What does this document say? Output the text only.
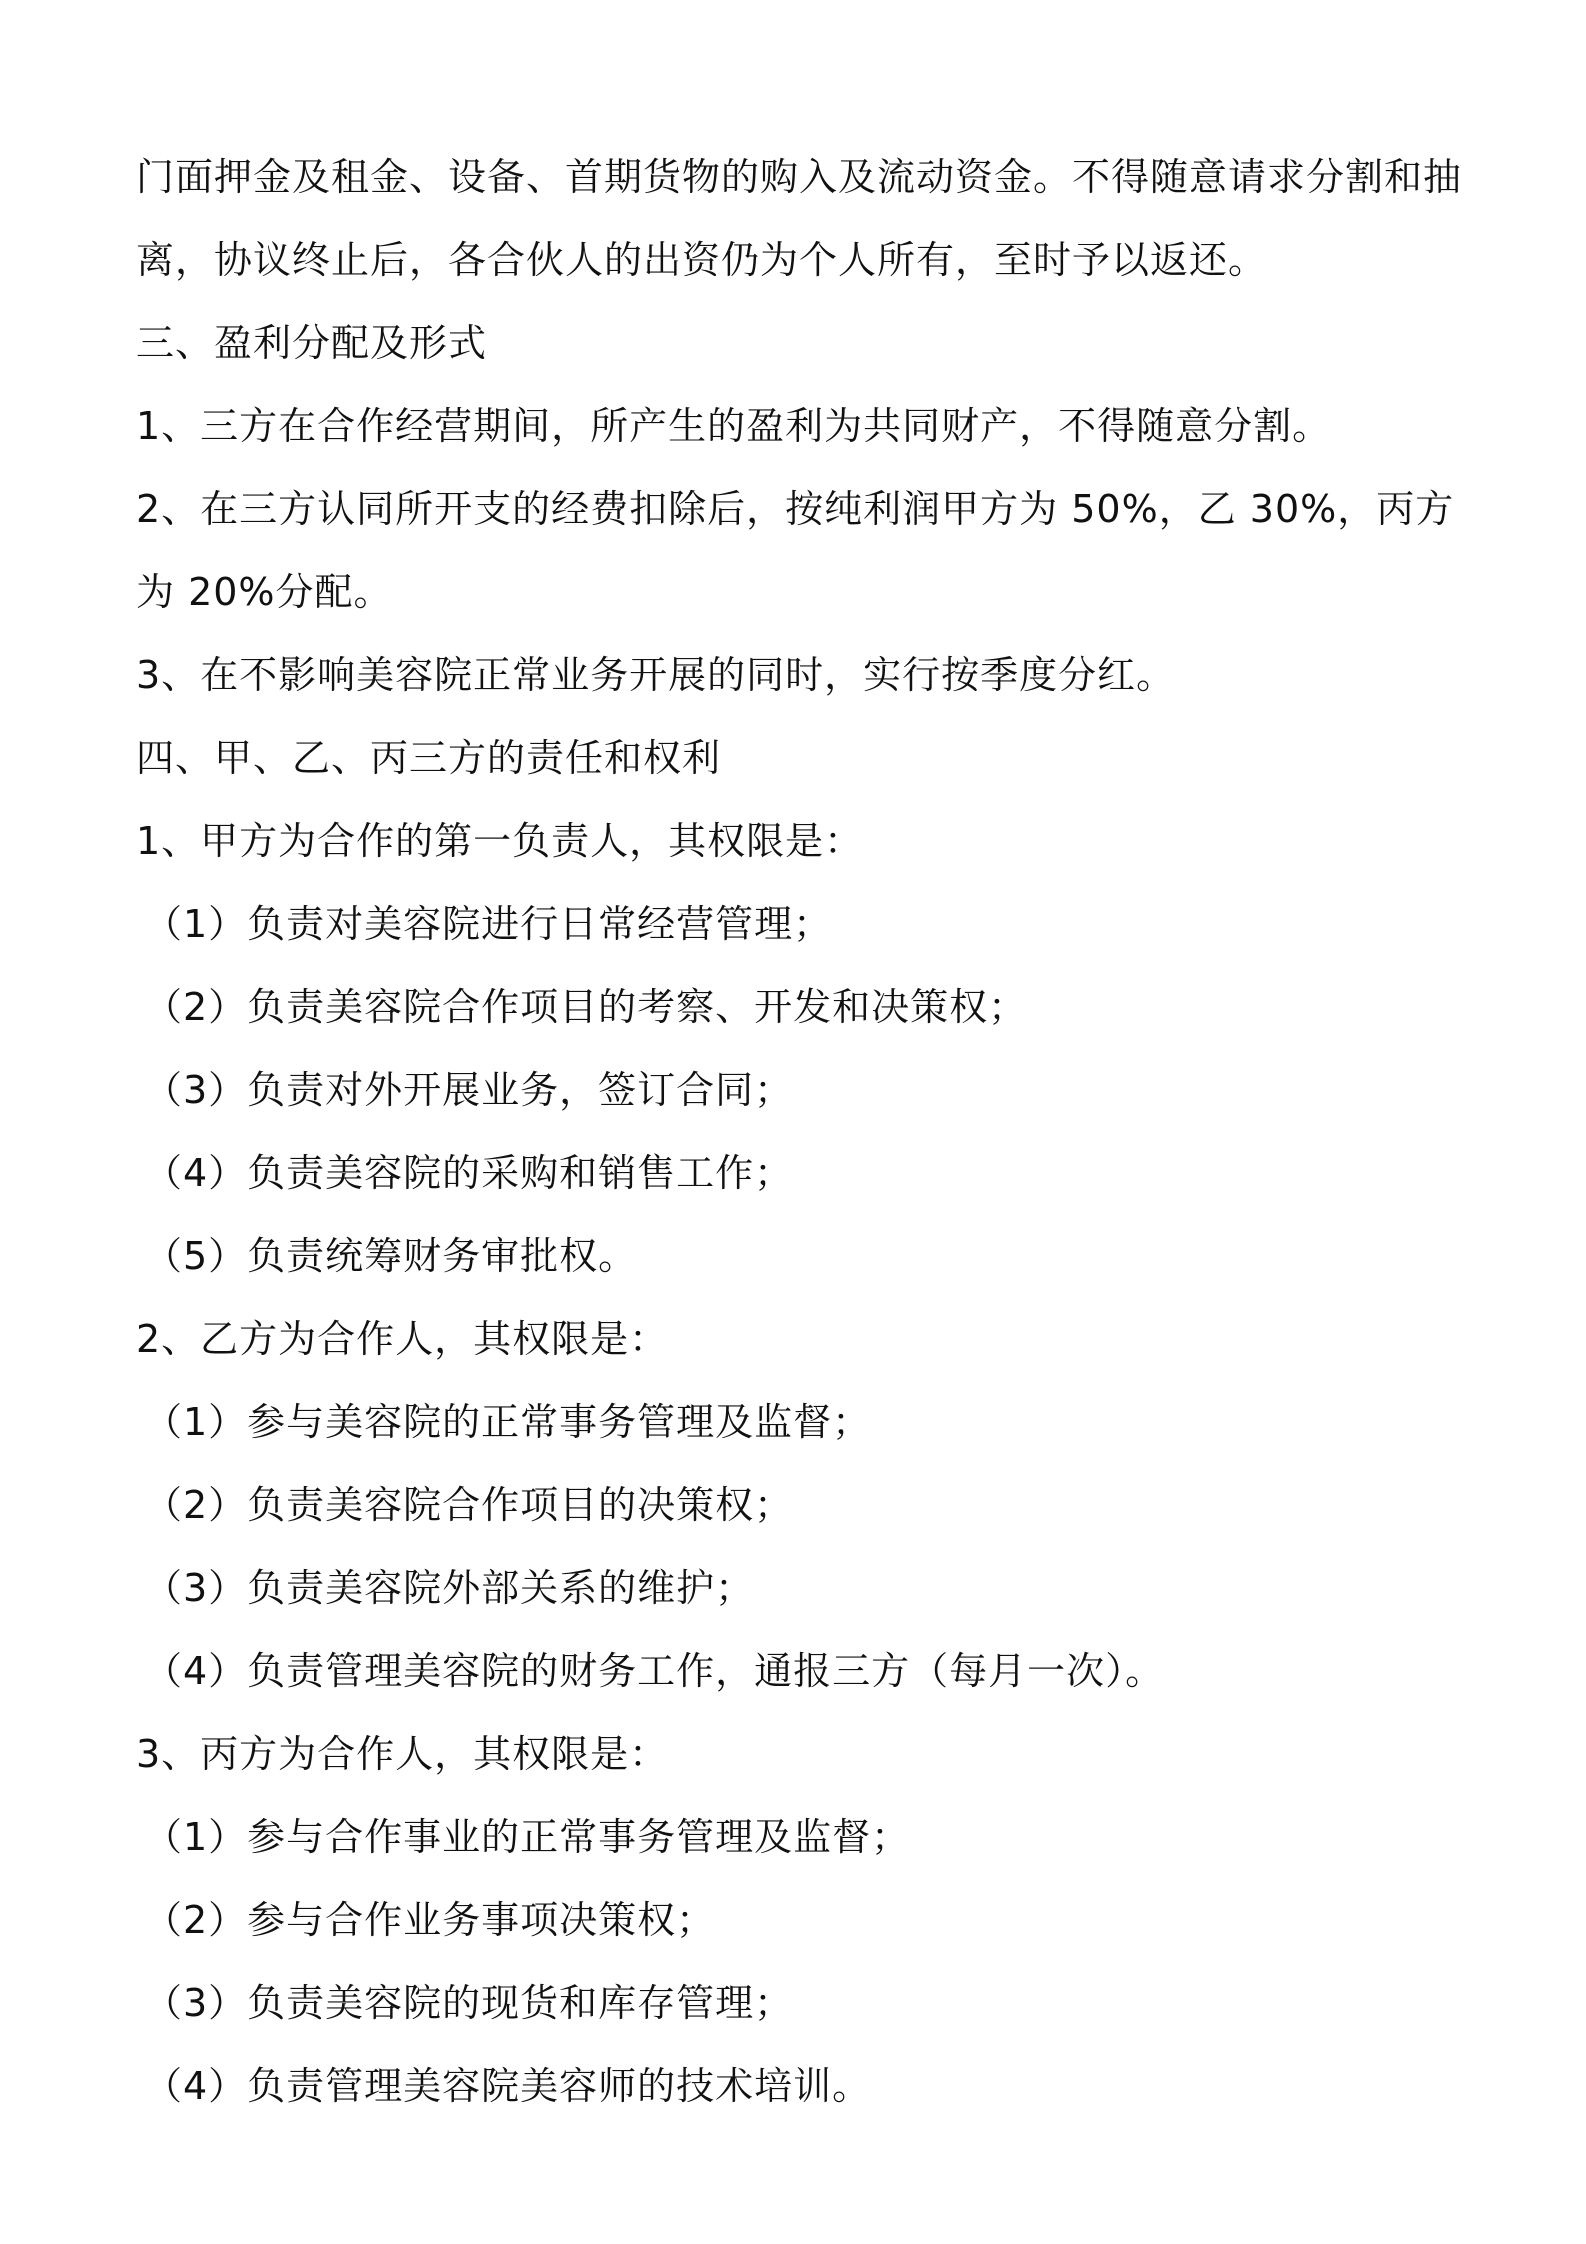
门面押金及租金、设备、首期货物的购入及流动资金。不得随意请求分割和抽
离，协议终止后，各合伙人的出资仍为个人所有，至时予以返还。
三、盈利分配及形式
1、三方在合作经营期间，所产生的盈利为共同财产，不得随意分割。
2、在三方认同所开支的经费扣除后，按纯利润甲方为 50%，乙 30%，丙方
为 20%分配。
3、在不影响美容院正常业务开展的同时，实行按季度分红。
四、甲、乙、丙三方的责任和权利
1、甲方为合作的第一负责人，其权限是：
（1）负责对美容院进行日常经营管理；
（2）负责美容院合作项目的考察、开发和决策权；
（3）负责对外开展业务，签订合同；
（4）负责美容院的采购和销售工作；
（5）负责统筹财务审批权。
2、乙方为合作人，其权限是：
（1）参与美容院的正常事务管理及监督；
（2）负责美容院合作项目的决策权；
（3）负责美容院外部关系的维护；
（4）负责管理美容院的财务工作，通报三方（每月一次）。
3、丙方为合作人，其权限是：
（1）参与合作事业的正常事务管理及监督；
（2）参与合作业务事项决策权；
（3）负责美容院的现货和库存管理；
（4）负责管理美容院美容师的技术培训。
